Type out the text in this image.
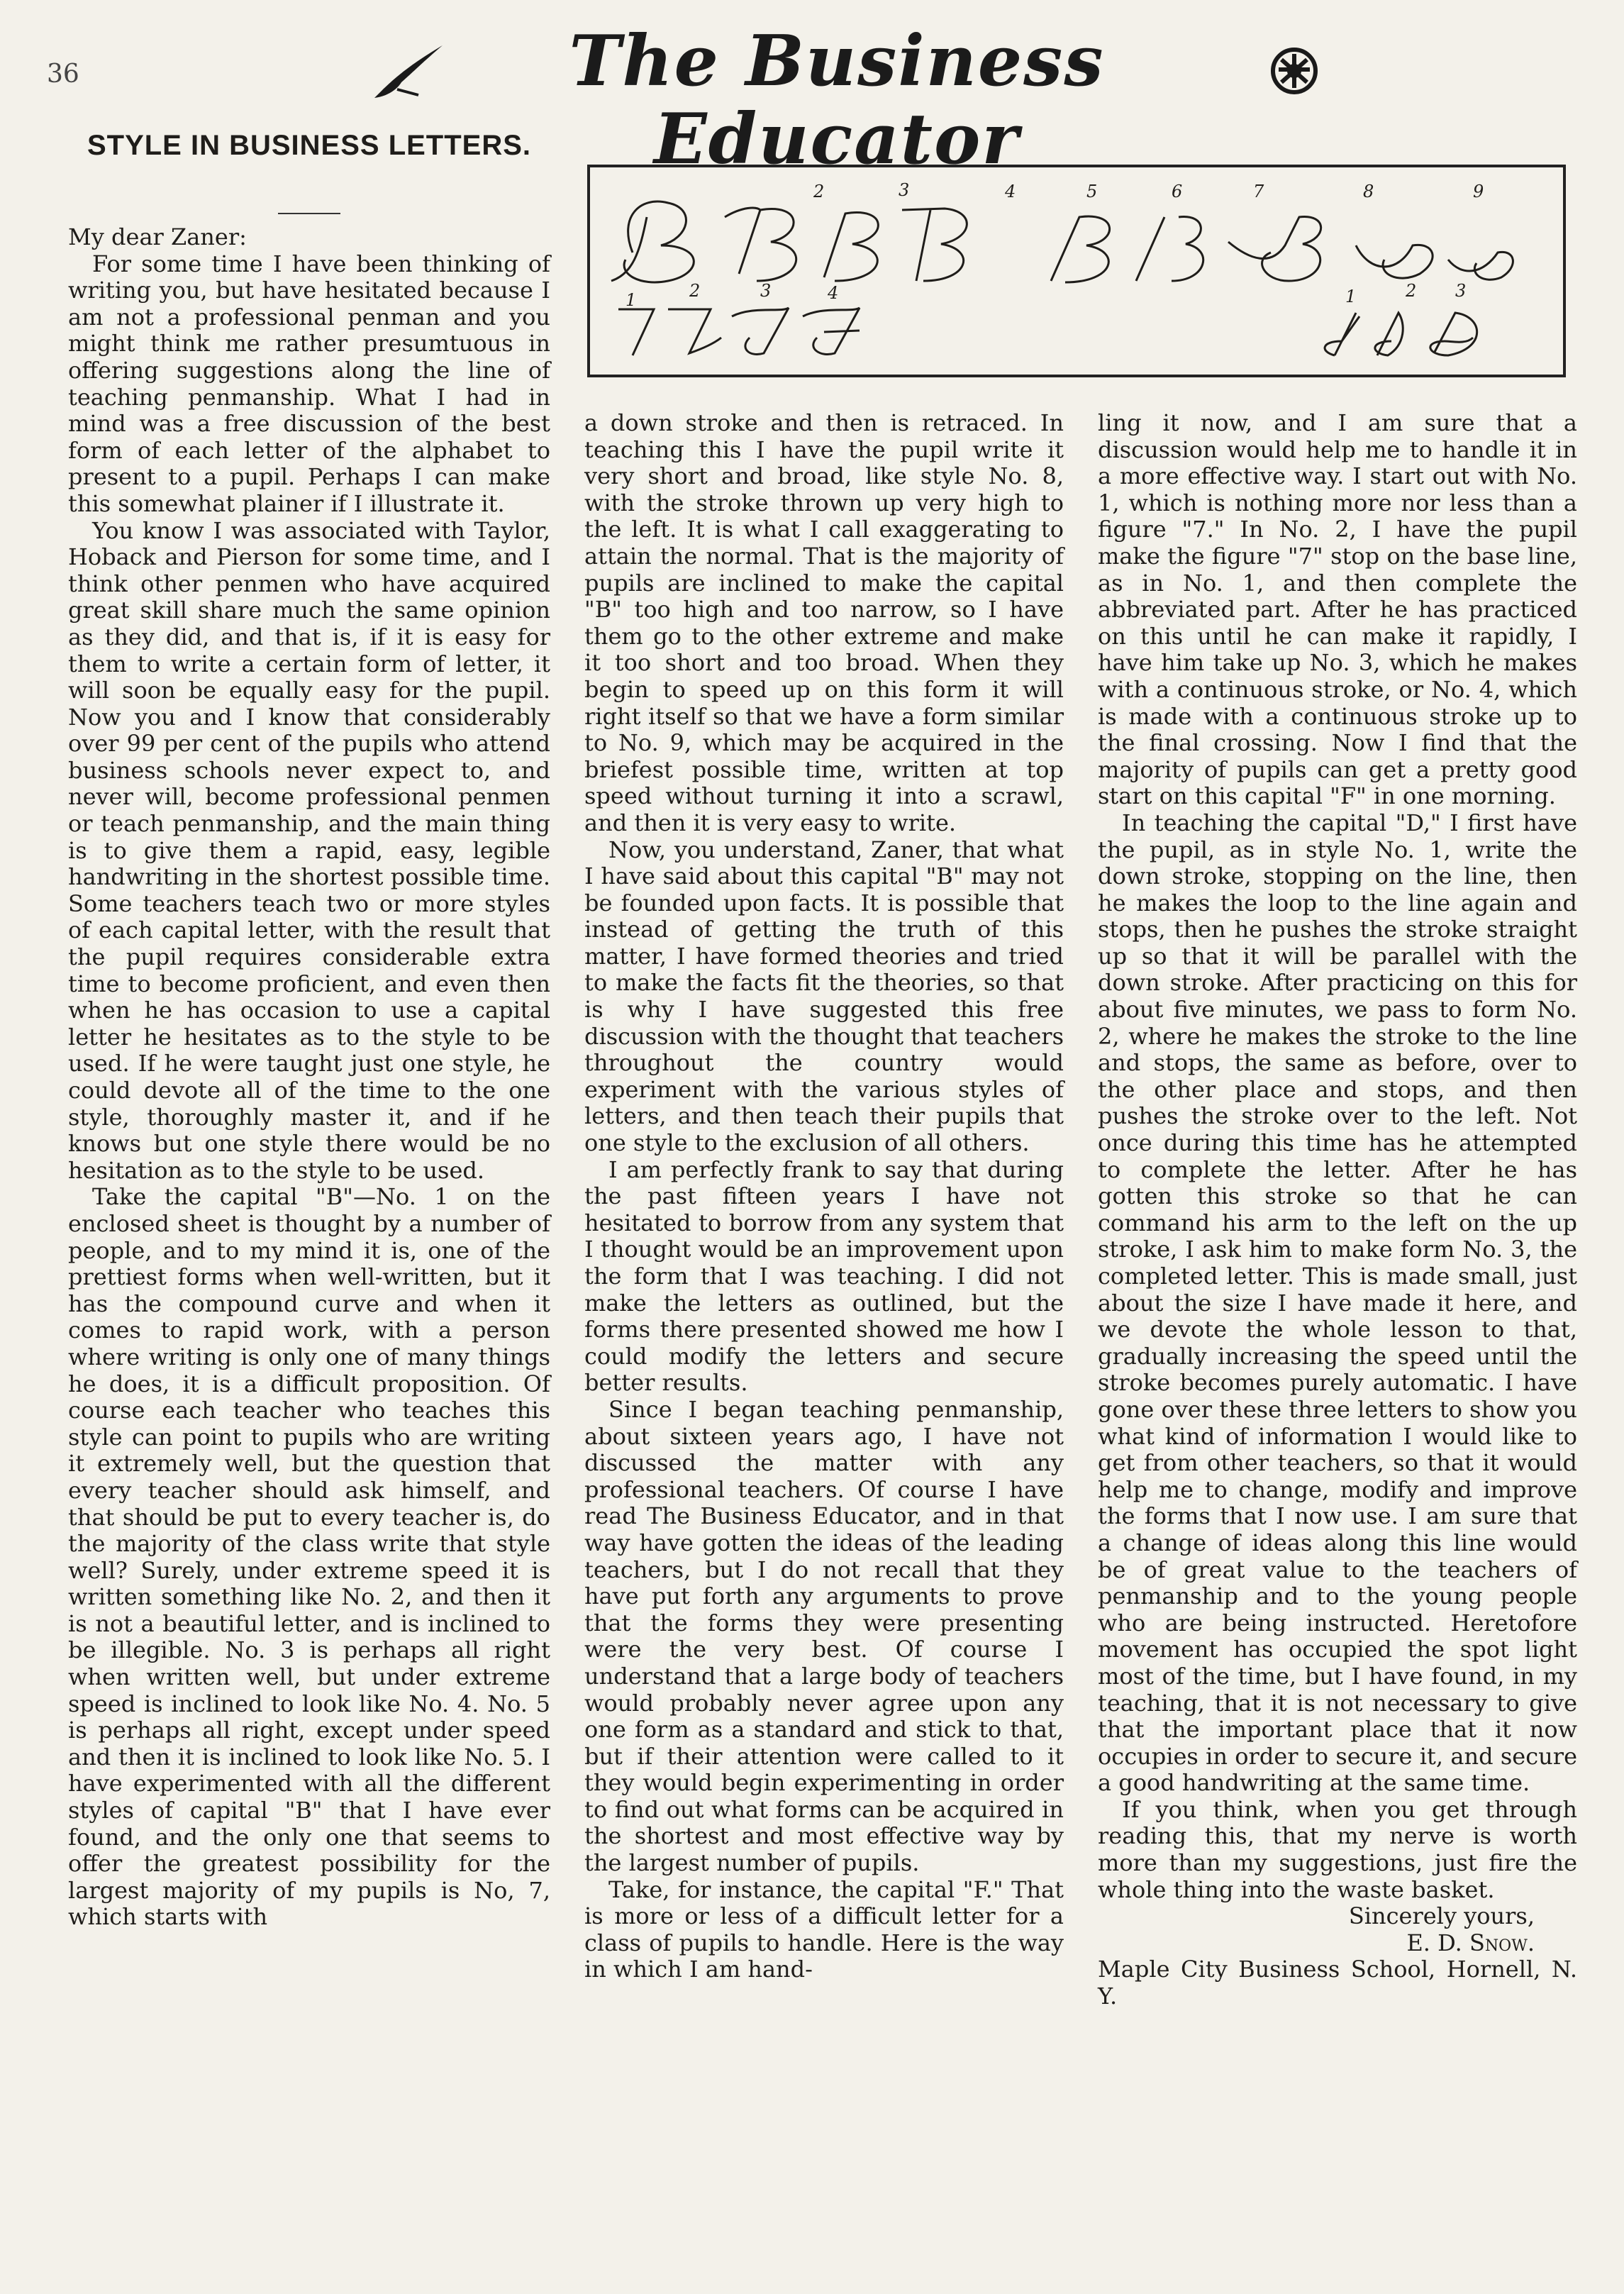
36	The Business Educator
STYLE IN BUSINESS LETTERS.
2	3	4	5	6	7	8	9
1	2	3	4	1	2 3

My dear Zaner:

For some time I have been thinking of writing you, but have hesitated because I am not a professional penman and you might think me rather presumtuous in offering suggestions along the line of teaching penmanship. What I had in mind was a free discussion of the best form of each letter of the alphabet to present to a pupil. Perhaps I can make this somewhat plainer if I illustrate it.

You know I was associated with Taylor, Hoback and Pierson for some time, and I think other penmen who have acquired great skill share much the same opinion as they did, and that is, if it is easy for them to write a certain form of letter, it will soon be equally easy for the pupil. Now you and I know that considerably over 99 per cent of the pupils who attend business schools never expect to, and never will, become professional penmen or teach penmanship, and the main thing is to give them a rapid, easy, legible handwriting in the shortest possible time. Some teachers teach two or more styles of each capital letter, with the result that the pupil requires considerable extra time to become proficient, and even then when he has occasion to use a capital letter he hesitates as to the style to be used. If he were taught just one style, he could devote all of the time to the one style, thoroughly master it, and if he knows but one style there would be no hesitation as to the style to be used.

Take the capital "B"—No. 1 on the enclosed sheet is thought by a number of people, and to my mind it is, one of the prettiest forms when well-written, but it has the compound curve and when it comes to rapid work, with a person where writing is only one of many things he does, it is a difficult proposition. Of course each teacher who teaches this style can point to pupils who are writing it extremely well, but the question that every teacher should ask himself, and that should be put to every teacher is, do the majority of the class write that style well? Surely, under extreme speed it is written something like No. 2, and then it is not a beautiful letter, and is inclined to be illegible. No. 3 is perhaps all right when written well, but under extreme speed is inclined to look like No. 4. No. 5 is perhaps all right, except under speed and then it is inclined to look like No. 5. I have experimented with all the different styles of capital "B" that I have ever found, and the only one that seems to offer the greatest possibility for the largest majority of my pupils is No, 7, which starts with

a down stroke and then is retraced. In teaching this I have the pupil write it very short and broad, like style No. 8, with the stroke thrown up very high to the left. It is what I call exaggerating to attain the normal. That is the majority of pupils are inclined to make the capital "B" too high and too narrow, so I have them go to the other extreme and make it too short and too broad. When they begin to speed up on this form it will right itself so that we have a form similar to No. 9, which may be acquired in the briefest possible time, written at top speed without turning it into a scrawl, and then it is very easy to write.

Now, you understand, Zaner, that what I have said about this capital "B" may not be founded upon facts. It is possible that instead of getting the truth of this matter, I have formed theories and tried to make the facts fit the theories, so that is why I have suggested this free discussion with the thought that teachers throughout the country would experiment with the various styles of letters, and then teach their pupils that one style to the exclusion of all others.

I am perfectly frank to say that during the past fifteen years I have not hesitated to borrow from any system that I thought would be an improvement upon the form that I was teaching. I did not make the letters as outlined, but the forms there presented showed me how I could modify the letters and secure better results.

Since I began teaching penmanship, about sixteen years ago, I have not discussed the matter with any professional teachers. Of course I have read The Business Educator, and in that way have gotten the ideas of the leading teachers, but I do not recall that they have put forth any arguments to prove that the forms they were presenting were the very best. Of course I understand that a large body of teachers would probably never agree upon any one form as a standard and stick to that, but if their attention were called to it they would begin experimenting in order to find out what forms can be acquired in the shortest and most effective way by the largest number of pupils.

Take, for instance, the capital "F." That is more or less of a difficult letter for a class of pupils to handle. Here is the way in which I am hand-

ling it now, and I am sure that a discussion would help me to handle it in a more effective way. I start out with No. 1, which is nothing more nor less than a figure "7." In No. 2, I have the pupil make the figure "7" stop on the base line, as in No. 1, and then complete the abbreviated part. After he has practiced on this until he can make it rapidly, I have him take up No. 3, which he makes with a continuous stroke, or No. 4, which is made with a continuous stroke up to the final crossing. Now I find that the majority of pupils can get a pretty good start on this capital "F" in one morning.

In teaching the capital "D," I first have the pupil, as in style No. 1, write the down stroke, stopping on the line, then he makes the loop to the line again and stops, then he pushes the stroke straight up so that it will be parallel with the down stroke. After practicing on this for about five minutes, we pass to form No. 2, where he makes the stroke to the line and stops, the same as before, over to the other place and stops, and then pushes the stroke over to the left. Not once during this time has he attempted to complete the letter. After he has gotten this stroke so that he can command his arm to the left on the up stroke, I ask him to make form No. 3, the completed letter. This is made small, just about the size I have made it here, and we devote the whole lesson to that, gradually increasing the speed until the stroke becomes purely automatic. I have gone over these three letters to show you what kind of information I would like to get from other teachers, so that it would help me to change, modify and improve the forms that I now use. I am sure that a change of ideas along this line would be of great value to the teachers of penmanship and to the young people who are being instructed. Heretofore movement has occupied the spot light most of the time, but I have found, in my teaching, that it is not necessary to give that the important place that it now occupies in order to secure it, and secure a good handwriting at the same time.

If you think, when you get through reading this, that my nerve is worth more than my suggestions, just fire the whole thing into the waste basket.

Sincerely yours,
E. D. Snow.

Maple City Business School, Hornell, N. Y.
